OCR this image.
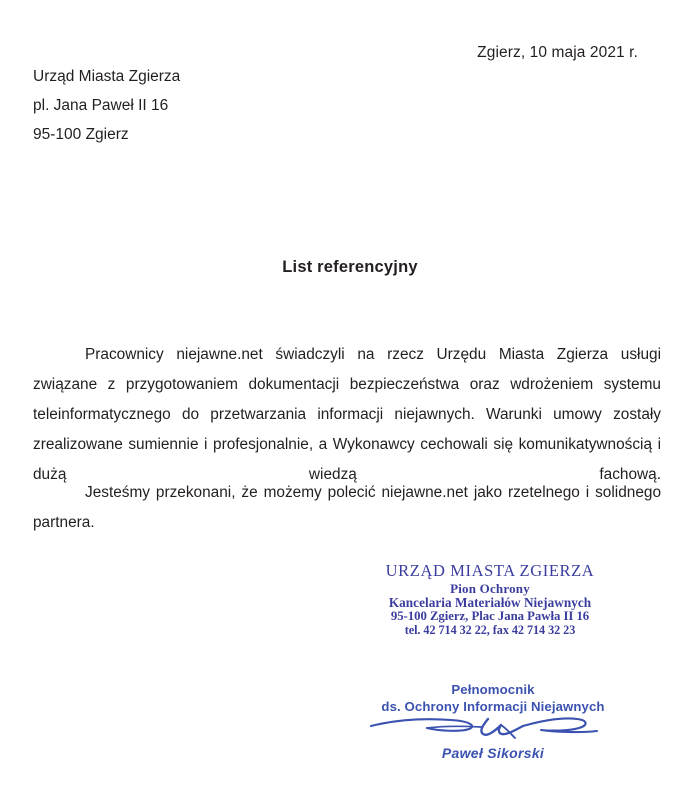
Zgierz, 10 maja 2021 r.
Urząd Miasta Zgierza
pl. Jana Paweł II 16
95-100 Zgierz
List referencyjny

Pracownicy niejawne.net świadczyli na rzecz Urzędu Miasta Zgierza usługi związane z przygotowaniem dokumentacji bezpieczeństwa oraz wdrożeniem systemu teleinformatycznego do przetwarzania informacji niejawnych. Warunki umowy zostały zrealizowane sumiennie i profesjonalnie, a Wykonawcy cechowali się komunikatywnością i dużą wiedzą fachową.

Jesteśmy przekonani, że możemy polecić niejawne.net jako rzetelnego i solidnego partnera.

URZĄD MIASTA ZGIERZA
Pion Ochrony
Kancelaria Materiałów Niejawnych
95-100 Zgierz, Plac Jana Pawła II 16
tel. 42 714 32 22, fax 42 714 32 23
Pełnomocnik
ds. Ochrony Informacji Niejawnych
Paweł Sikorski
